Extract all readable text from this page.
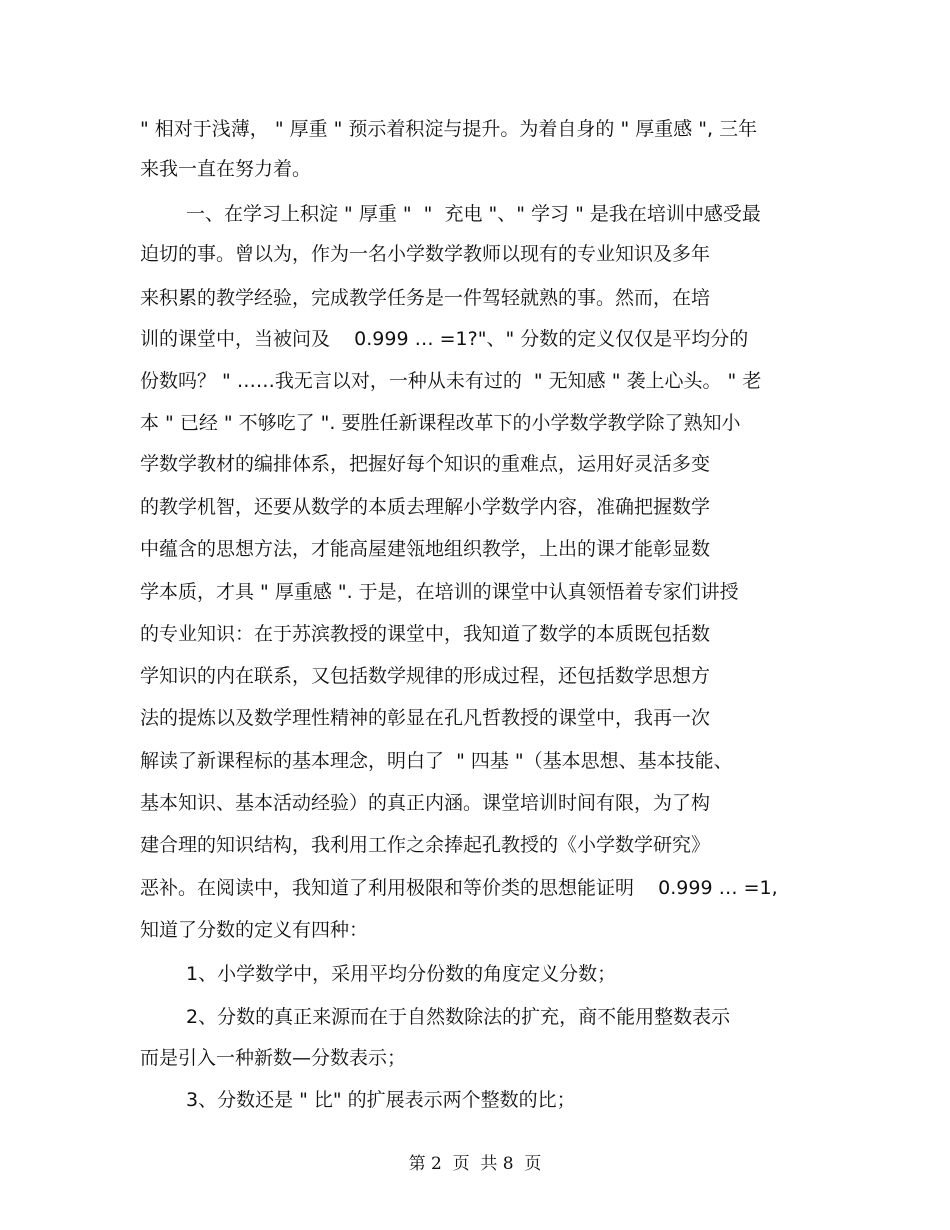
" 相对于浅薄， " 厚重 " 预示着积淀与提升。为着自身的 " 厚重感 ", 三年
来我一直在努力着。
一、在学习上积淀 " 厚重 "  "  充电 "、" 学习 " 是我在培训中感受最
迫切的事。曾以为，作为一名小学数学教师以现有的专业知识及多年
来积累的教学经验，完成教学任务是一件驾轻就熟的事。然而，在培
训的课堂中，当被问及    0.999 … =1?"、" 分数的定义仅仅是平均分的
份数吗？ " ……我无言以对，一种从未有过的  " 无知感 " 袭上心头。 " 老
本 " 已经 " 不够吃了 ". 要胜任新课程改革下的小学数学教学除了熟知小
学数学教材的编排体系，把握好每个知识的重难点，运用好灵活多变
的教学机智，还要从数学的本质去理解小学数学内容，准确把握数学
中蕴含的思想方法，才能高屋建瓴地组织教学，上出的课才能彰显数
学本质，才具 " 厚重感 ". 于是，在培训的课堂中认真领悟着专家们讲授
的专业知识：在于苏滨教授的课堂中，我知道了数学的本质既包括数
学知识的内在联系，又包括数学规律的形成过程，还包括数学思想方
法的提炼以及数学理性精神的彰显在孔凡哲教授的课堂中，我再一次
解读了新课程标的基本理念，明白了  " 四基 "（基本思想、基本技能、
基本知识、基本活动经验）的真正内涵。课堂培训时间有限，为了构
建合理的知识结构，我利用工作之余捧起孔教授的《小学数学研究》
恶补。在阅读中，我知道了利用极限和等价类的思想能证明    0.999 … =1,
知道了分数的定义有四种：
1、小学数学中，采用平均分份数的角度定义分数；
2、分数的真正来源而在于自然数除法的扩充，商不能用整数表示
而是引入一种新数—分数表示；
3、分数还是 " 比" 的扩展表示两个整数的比；
第 2  页  共 8  页
